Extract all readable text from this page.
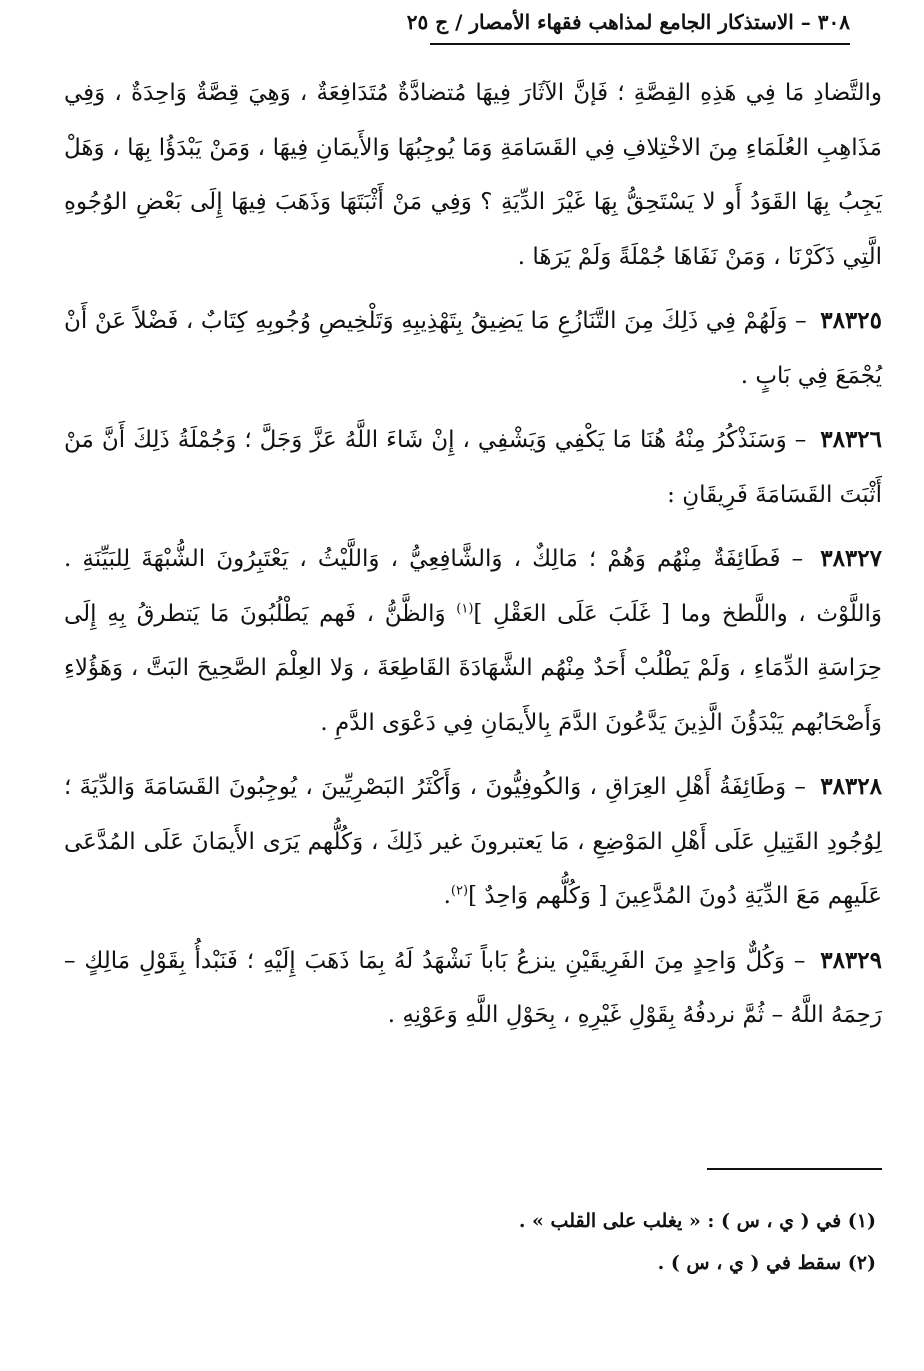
٣٠٨ – الاستذكار الجامع لمذاهب فقهاء الأمصار / ج ٢٥

والتَّضادِ مَا فِي هَذِهِ القِصَّةِ ؛ فَإنَّ الآثَارَ فِيهَا مُتضادَّةٌ مُتَدَافِعَةٌ ، وَهِيَ قِصَّةٌ وَاحِدَةٌ ، وَفِي مَذَاهِبِ العُلَمَاءِ مِنَ الاخْتِلافِ فِي القَسَامَةِ وَمَا يُوجِبُهَا وَالأَيمَانِ فِيهَا ، وَمَنْ يَبْدَؤُا بِهَا ، وَهَلْ يَجِبُ بِهَا القَوَدُ أَو لا يَسْتَحِقُّ بِهَا غَيْرَ الدِّيَةِ ؟ وَفِي مَنْ أَثْبَتَهَا وَذَهَبَ فِيهَا إِلَى بَعْضِ الوُجُوهِ الَّتِي ذَكَرْنَا ، وَمَنْ نَفَاهَا جُمْلَةً وَلَمْ يَرَهَا .

٣٨٣٢٥ – وَلَهُمْ فِي ذَلِكَ مِنَ التَّنَازُعِ مَا يَضِيقُ بِتَهْذِيبِهِ وَتَلْخِيصِ وُجُوبِهِ كِتَابٌ ، فَضْلاً عَنْ أَنْ يُجْمَعَ فِي بَابٍ .

٣٨٣٢٦ – وَسَنَذْكُرُ مِنْهُ هُنَا مَا يَكْفِي وَيَشْفِي ، إِنْ شَاءَ اللَّهُ عَزَّ وَجَلَّ ؛ وَجُمْلَةُ ذَلِكَ أَنَّ مَنْ أَثْبَتَ القَسَامَةَ فَرِيقَانِ :

٣٨٣٢٧ – فَطَائِفَةٌ مِنْهُم وَهُمْ ؛ مَالِكٌ ، وَالشَّافِعِيُّ ، وَاللَّيْثُ ، يَعْتَبِرُونَ الشُّبْهَةَ لِلبَيِّنَةِ . وَاللَّوْث ، واللَّطخ وما [ غَلَبَ عَلَى العَقْلِ ]$^{(١)}$ وَالظَّنُّ ، فَهم يَطْلُبُونَ مَا يَتطرقُ بِهِ إِلَى حِرَاسَةِ الدِّمَاءِ ، وَلَمْ يَطْلُبْ أَحَدٌ مِنْهُم الشَّهَادَةَ القَاطِعَةَ ، وَلا العِلْمَ الصَّحِيحَ البَتَّ ، وَهَؤُلاءِ وَأَصْحَابُهم يَبْدَؤُنَ الَّذِينَ يَدَّعُونَ الدَّمَ بِالأَيمَانِ فِي دَعْوَى الدَّمِ .

٣٨٣٢٨ – وَطَائِفَةُ أَهْلِ العِرَاقِ ، وَالكُوفِيُّونَ ، وَأَكْثَرُ البَصْرِيِّينَ ، يُوجِبُونَ القَسَامَةَ وَالدِّيَةَ ؛ لِوُجُودِ القَتِيلِ عَلَى أَهْلِ المَوْضِعِ ، مَا يَعتبرونَ غير ذَلِكَ ، وَكُلُّهم يَرَى الأَيمَانَ عَلَى المُدَّعَى عَلَيهِم مَعَ الدِّيَةِ دُونَ المُدَّعِينَ [ وَكُلُّهم وَاحِدٌ ]$^{(٢)}$.

٣٨٣٢٩ – وَكُلٌّ وَاحِدٍ مِنَ الفَرِيقَيْنِ ينزعُ بَاباً نَشْهَدُ لَهُ بِمَا ذَهَبَ إِلَيْهِ ؛ فَنَبْدأُ بِقَوْلِ مَالِكٍ – رَحِمَهُ اللَّهُ – ثُمَّ نردفُهُ بِقَوْلِ غَيْرِهِ ، بِحَوْلِ اللَّهِ وَعَوْنِهِ .

(١) في ( ي ، س ) : « يغلب على القلب » .

(٢) سقط في ( ي ، س ) .
